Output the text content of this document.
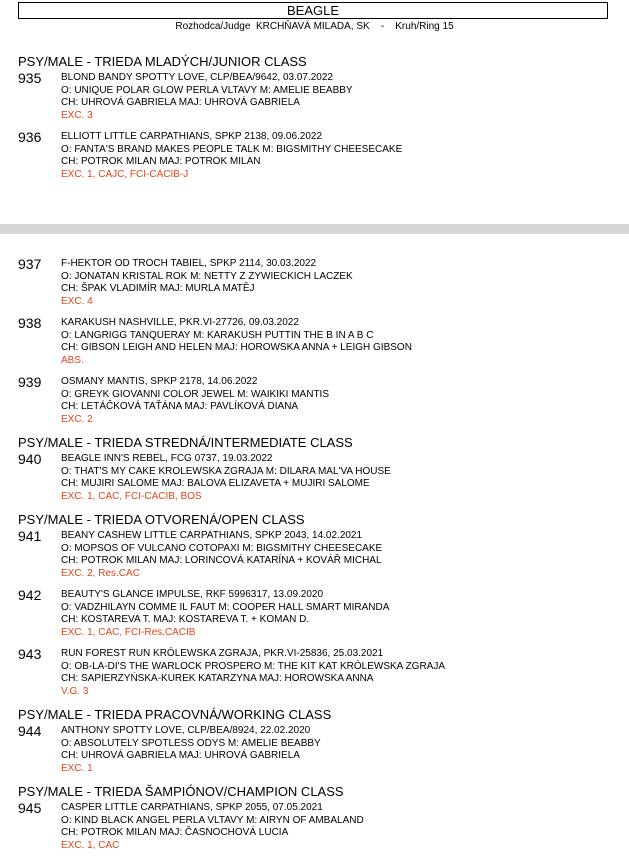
BEAGLE
Rozhodca/Judge  KRCHŇAVÁ MILADA, SK    -    Kruh/Ring 15
PSY/MALE - TRIEDA MLADÝCH/JUNIOR CLASS
935 BLOND BANDY SPOTTY LOVE, CLP/BEA/9642, 03.07.2022
O: UNIQUE POLAR GLOW PERLA VLTAVY M: AMELIE BEABBY
CH: UHROVÁ GABRIELA MAJ: UHROVÁ GABRIELA
EXC. 3
936 ELLIOTT LITTLE CARPATHIANS, SPKP 2138, 09.06.2022
O: FANTA'S BRAND MAKES PEOPLE TALK M: BIGSMITHY CHEESECAKE
CH: POTROK MILAN MAJ: POTROK MILAN
EXC. 1, CAJC, FCI-CACIB-J
937 F-HEKTOR OD TROCH TABIEL, SPKP 2114, 30.03.2022
O: JONATAN KRISTAL ROK M: NETTY Z ZYWIECKICH LACZEK
CH: ŠPAK VLADIMÍR MAJ: MURLA MATĚJ
EXC. 4
938 KARAKUSH NASHVILLE, PKR.VI-27726, 09.03.2022
O: LANGRIGG TANQUERAY M: KARAKUSH PUTTIN THE B IN A B C
CH: GIBSON LEIGH AND HELEN MAJ: HOROWSKA ANNA + LEIGH GIBSON
ABS.
939 OSMANY MANTIS, SPKP 2178, 14.06.2022
O: GREYK GIOVANNI COLOR JEWEL M: WAIKIKI MANTIS
CH: LETÁČKOVÁ TAŤÁNA MAJ: PAVLÍKOVÁ DIANA
EXC. 2
PSY/MALE - TRIEDA STREDNÁ/INTERMEDIATE CLASS
940 BEAGLE INN'S REBEL, FCG 0737, 19.03.2022
O: THAT'S MY CAKE KROLEWSKA ZGRAJA M: DILARA MAL'VA HOUSE
CH: MUJIRI SALOME MAJ: BALOVA ELIZAVETA + MUJIRI SALOME
EXC. 1, CAC, FCI-CACIB, BOS
PSY/MALE - TRIEDA OTVORENÁ/OPEN CLASS
941 BEANY CASHEW LITTLE CARPATHIANS, SPKP 2043, 14.02.2021
O: MOPSOS OF VULCANO COTOPAXI M: BIGSMITHY CHEESECAKE
CH: POTROK MILAN MAJ: LORINCOVÁ KATARÍNA + KOVÁŘ MICHAL
EXC. 2, Res.CAC
942 BEAUTY'S GLANCE IMPULSE, RKF 5996317, 13.09.2020
O: VADZHILAYN COMME IL FAUT M: COOPER HALL SMART MIRANDA
CH: KOSTAREVA T. MAJ: KOSTAREVA T. + KOMAN D.
EXC. 1, CAC, FCI-Res.CACIB
943 RUN FOREST RUN KRÓLEWSKA ZGRAJA, PKR.VI-25836, 25.03.2021
O: OB-LA-DI'S THE WARLOCK PROSPERO M: THE KIT KAT KRÓLEWSKA ZGRAJA
CH: SAPIERZYŃSKA-KUREK KATARZYNA MAJ: HOROWSKA ANNA
V.G. 3
PSY/MALE - TRIEDA PRACOVNÁ/WORKING CLASS
944 ANTHONY SPOTTY LOVE, CLP/BEA/8924, 22.02.2020
O: ABSOLUTELY SPOTLESS ODYS M: AMELIE BEABBY
CH: UHROVÁ GABRIELA MAJ: UHROVÁ GABRIELA
EXC. 1
PSY/MALE - TRIEDA ŠAMPIÓNOV/CHAMPION CLASS
945 CASPER LITTLE CARPATHIANS, SPKP 2055, 07.05.2021
O: KIND BLACK ANGEL PERLA VLTAVY M: AIRYN OF AMBALAND
CH: POTROK MILAN MAJ: ČASNOCHOVÁ LUCIA
EXC. 1, CAC
